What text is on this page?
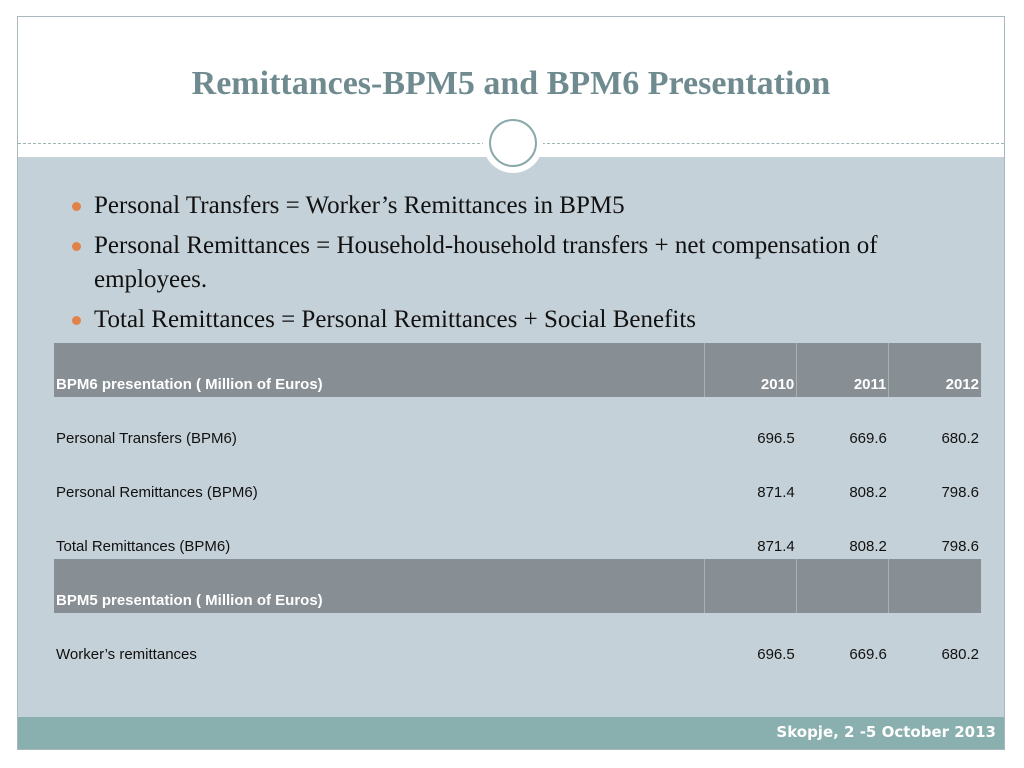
Remittances-BPM5 and BPM6 Presentation
Personal Transfers = Worker’s Remittances in BPM5
Personal Remittances = Household-household transfers + net compensation of employees.
Total Remittances = Personal Remittances + Social Benefits
BPM6 presentation ( Million of Euros)	2010	2011	2012
Personal Transfers (BPM6)	696.5	669.6	680.2
Personal Remittances (BPM6)	871.4	808.2	798.6
Total Remittances (BPM6)	871.4	808.2	798.6
BPM5 presentation ( Million of Euros)			
Worker’s remittances	696.5	669.6	680.2
Skopje, 2 -5 October 2013
